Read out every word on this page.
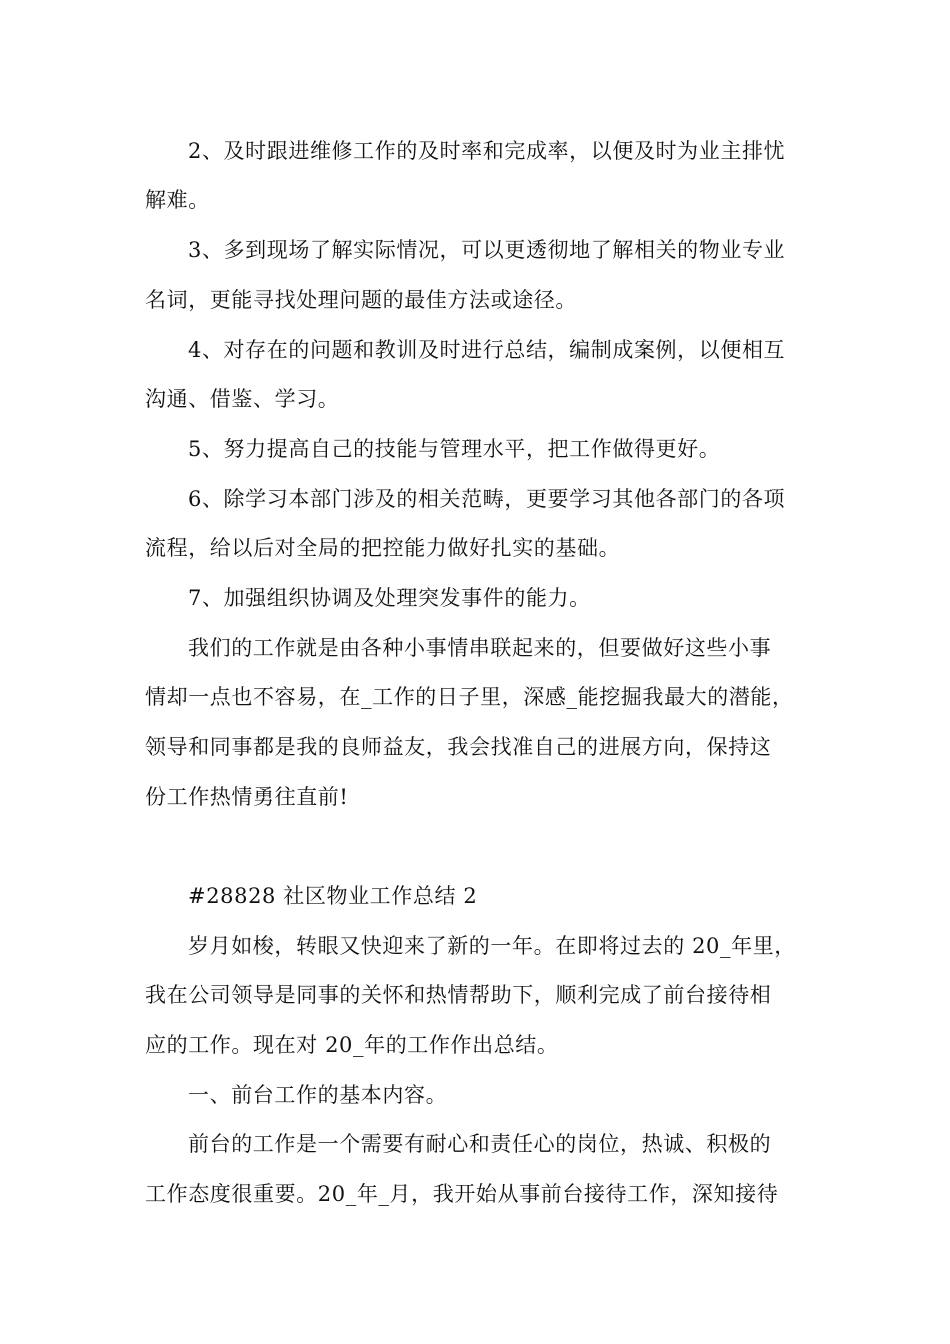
2、及时跟进维修工作的及时率和完成率，以便及时为业主排忧
解难。
3、多到现场了解实际情况，可以更透彻地了解相关的物业专业
名词，更能寻找处理问题的最佳方法或途径。
4、对存在的问题和教训及时进行总结，编制成案例，以便相互
沟通、借鉴、学习。
5、努力提高自己的技能与管理水平，把工作做得更好。
6、除学习本部门涉及的相关范畴，更要学习其他各部门的各项
流程，给以后对全局的把控能力做好扎实的基础。
7、加强组织协调及处理突发事件的能力。
我们的工作就是由各种小事情串联起来的，但要做好这些小事
情却一点也不容易，在_工作的日子里，深感_能挖掘我最大的潜能，
领导和同事都是我的良师益友，我会找准自己的进展方向，保持这
份工作热情勇往直前!
#28828 社区物业工作总结 2
岁月如梭，转眼又快迎来了新的一年。在即将过去的 20_年里，
我在公司领导是同事的关怀和热情帮助下，顺利完成了前台接待相
应的工作。现在对 20_年的工作作出总结。
一、前台工作的基本内容。
前台的工作是一个需要有耐心和责任心的岗位，热诚、积极的
工作态度很重要。20_年_月，我开始从事前台接待工作，深知接待
